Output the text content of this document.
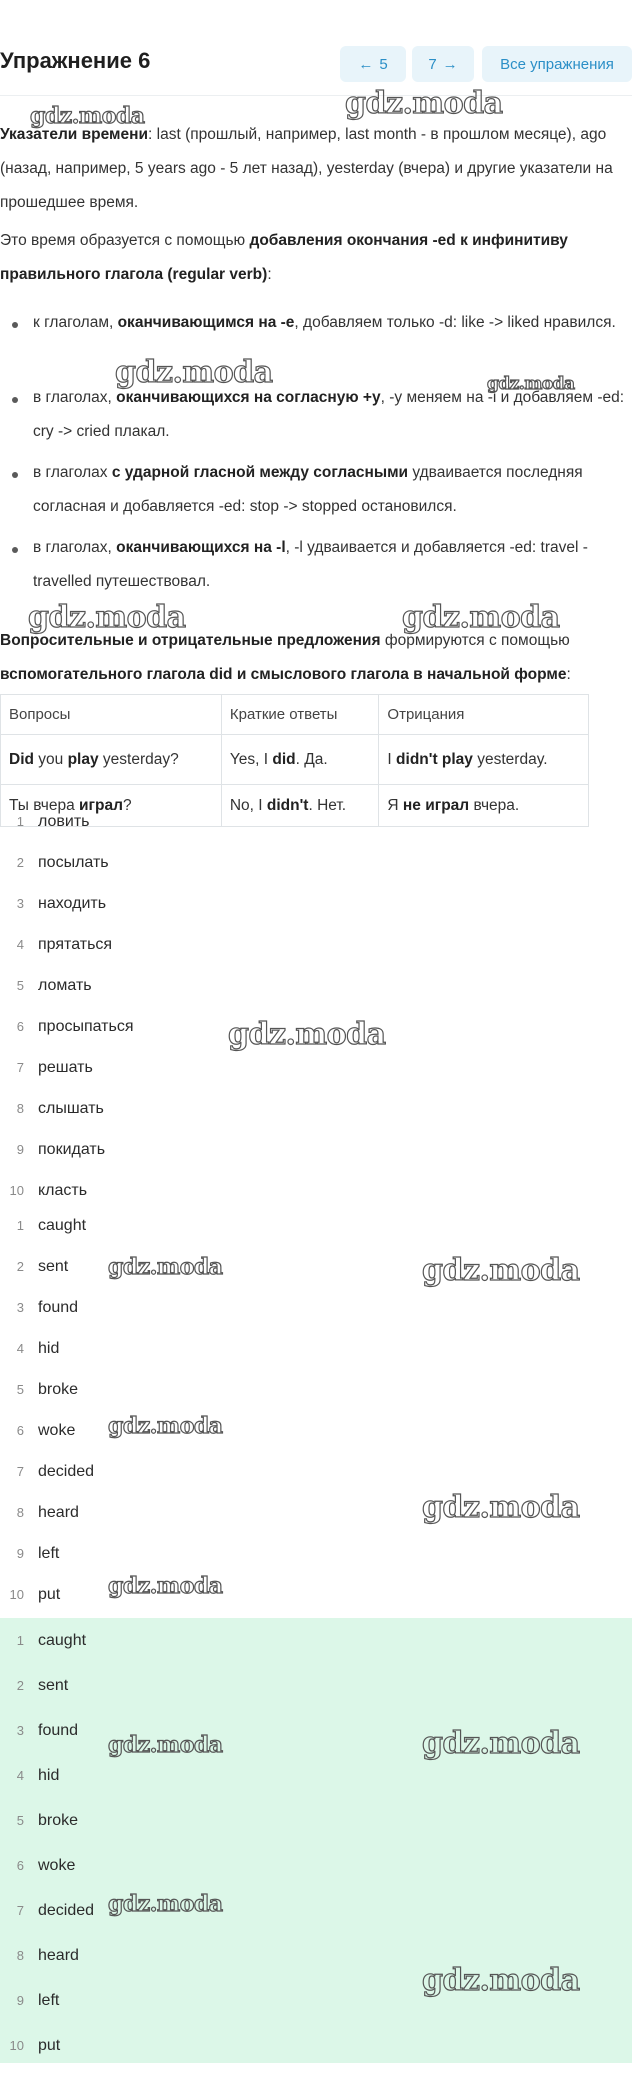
Упражнение 6	← 5	7 →	Все упражнения

Указатели времени: last (прошлый, например, last month - в прошлом месяце), ago (назад, например, 5 years ago - 5 лет назад), yesterday (вчера) и другие указатели на прошедшее время.

Это время образуется с помощью добавления окончания -ed к инфинитиву правильного глагола (regular verb):

к глаголам, оканчивающимся на -e, добавляем только -d: like -> liked нравился.
в глаголах, оканчивающихся на согласную +y, -y меняем на -i и добавляем -ed: cry -> cried плакал.
в глаголах с ударной гласной между согласными удваивается последняя согласная и добавляется -ed: stop -> stopped остановился.
в глаголах, оканчивающихся на -l, -l удваивается и добавляется -ed: travel - travelled путешествовал.

Вопросительные и отрицательные предложения формируются с помощью вспомогательного глагола did и смыслового глагола в начальной форме:

Вопросы	Краткие ответы	Отрицания
Did you play yesterday?	Yes, I did. Да.	I didn't play yesterday.
Ты вчера играл?	No, I didn't. Нет.	Я не играл вчера.
1 ловить
2 посылать
3 находить
4 прятаться
5 ломать
6 просыпаться
7 решать
8 слышать
9 покидать
10 класть
1 caught
2 sent
3 found
4 hid
5 broke
6 woke
7 decided
8 heard
9 left
10 put
1 caught
2 sent
3 found
4 hid
5 broke
6 woke
7 decided
8 heard
9 left
10 put
gdz.moda	gdz.moda
gdz.moda	gdz.moda
gdz.moda	gdz.moda
gdz.moda
gdz.moda	gdz.moda
gdz.moda
gdz.moda
gdz.moda
gdz.moda	gdz.moda
gdz.moda
gdz.moda
